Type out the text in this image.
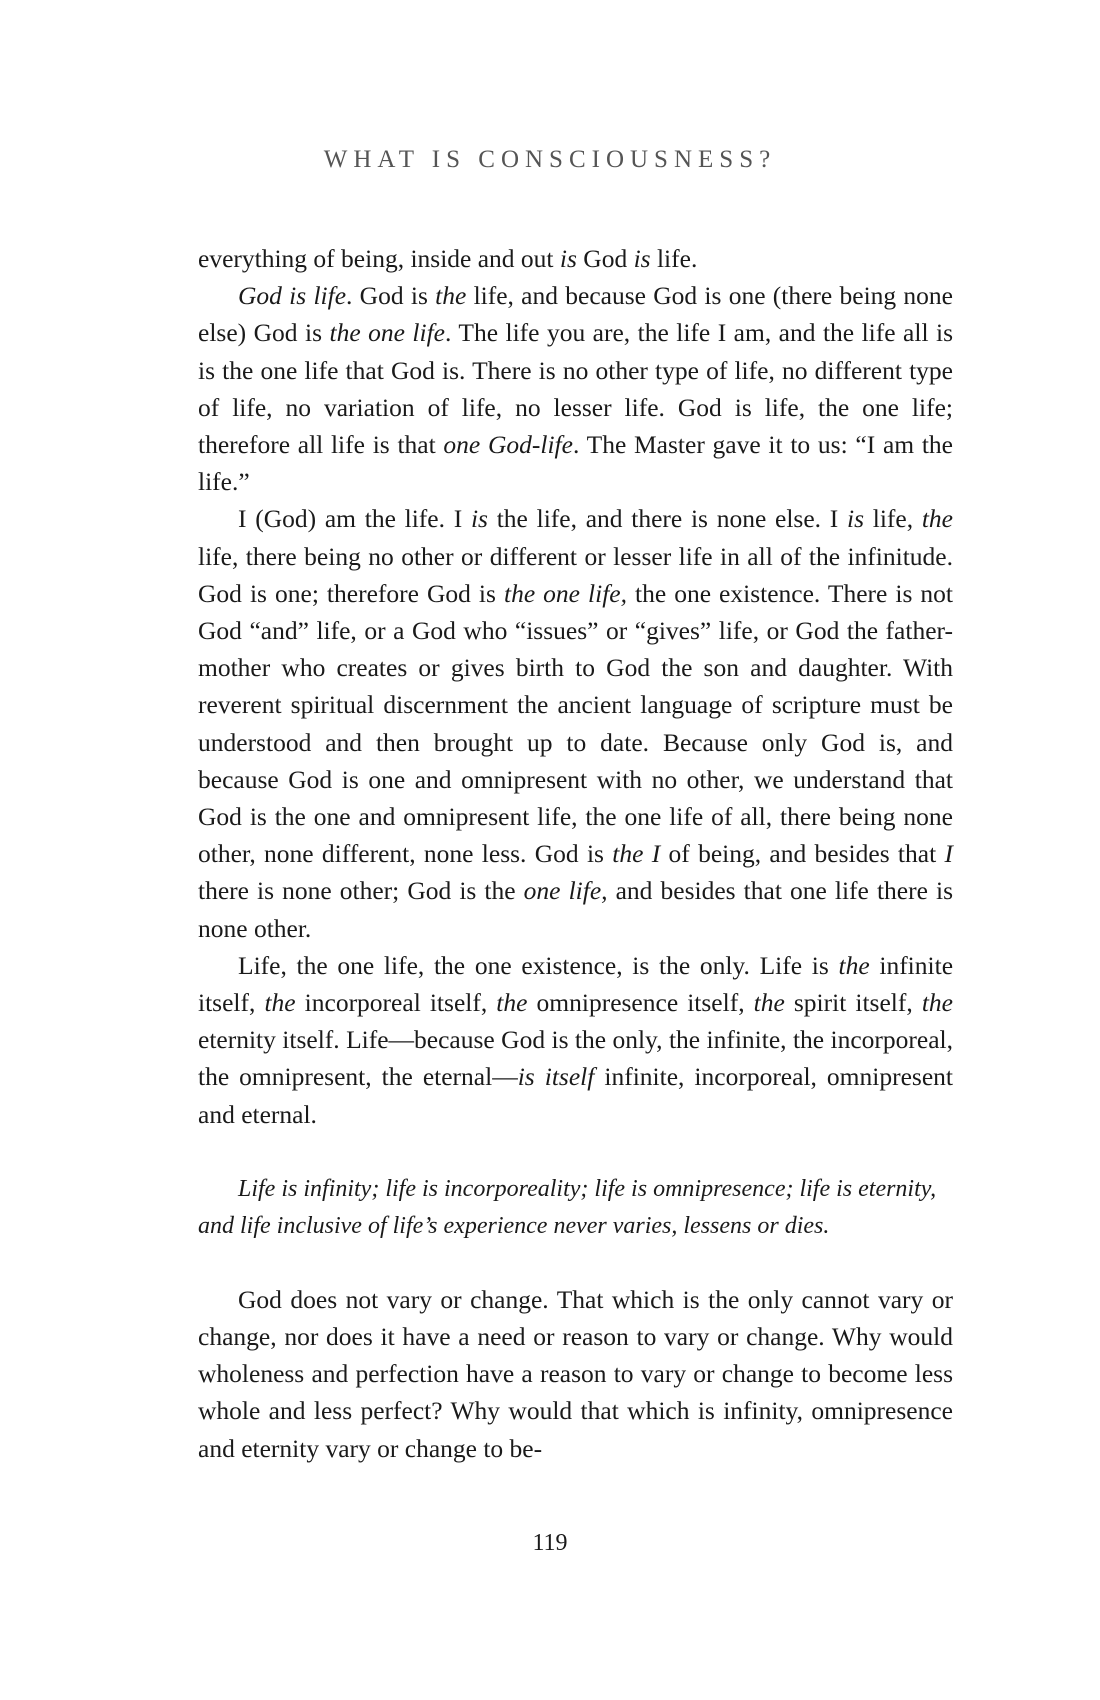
WHAT IS CONSCIOUSNESS?

everything of being, inside and out is God is life.

God is life. God is the life, and because God is one (there being none else) God is the one life. The life you are, the life I am, and the life all is is the one life that God is. There is no other type of life, no different type of life, no variation of life, no lesser life. God is life, the one life; therefore all life is that one God-life. The Master gave it to us: “I am the life.”

I (God) am the life. I is the life, and there is none else. I is life, the life, there being no other or different or lesser life in all of the infinitude. God is one; therefore God is the one life, the one existence. There is not God “and” life, or a God who “issues” or “gives” life, or God the father-mother who creates or gives birth to God the son and daughter. With reverent spiritual discernment the ancient language of scripture must be understood and then brought up to date. Because only God is, and because God is one and omnipresent with no other, we understand that God is the one and omnipresent life, the one life of all, there being none other, none different, none less. God is the I of being, and besides that I there is none other; God is the one life, and besides that one life there is none other.

Life, the one life, the one existence, is the only. Life is the infinite itself, the incorporeal itself, the omnipresence itself, the spirit itself, the eternity itself. Life—because God is the only, the infinite, the incorporeal, the omnipresent, the eternal—is itself infinite, incorporeal, omnipresent and eternal.

Life is infinity; life is incorporeality; life is omnipresence; life is eternity,
and life inclusive of life’s experience never varies, lessens or dies.

God does not vary or change. That which is the only cannot vary or change, nor does it have a need or reason to vary or change. Why would wholeness and perfection have a reason to vary or change to become less whole and less perfect? Why would that which is infinity, omnipresence and eternity vary or change to be-

119
